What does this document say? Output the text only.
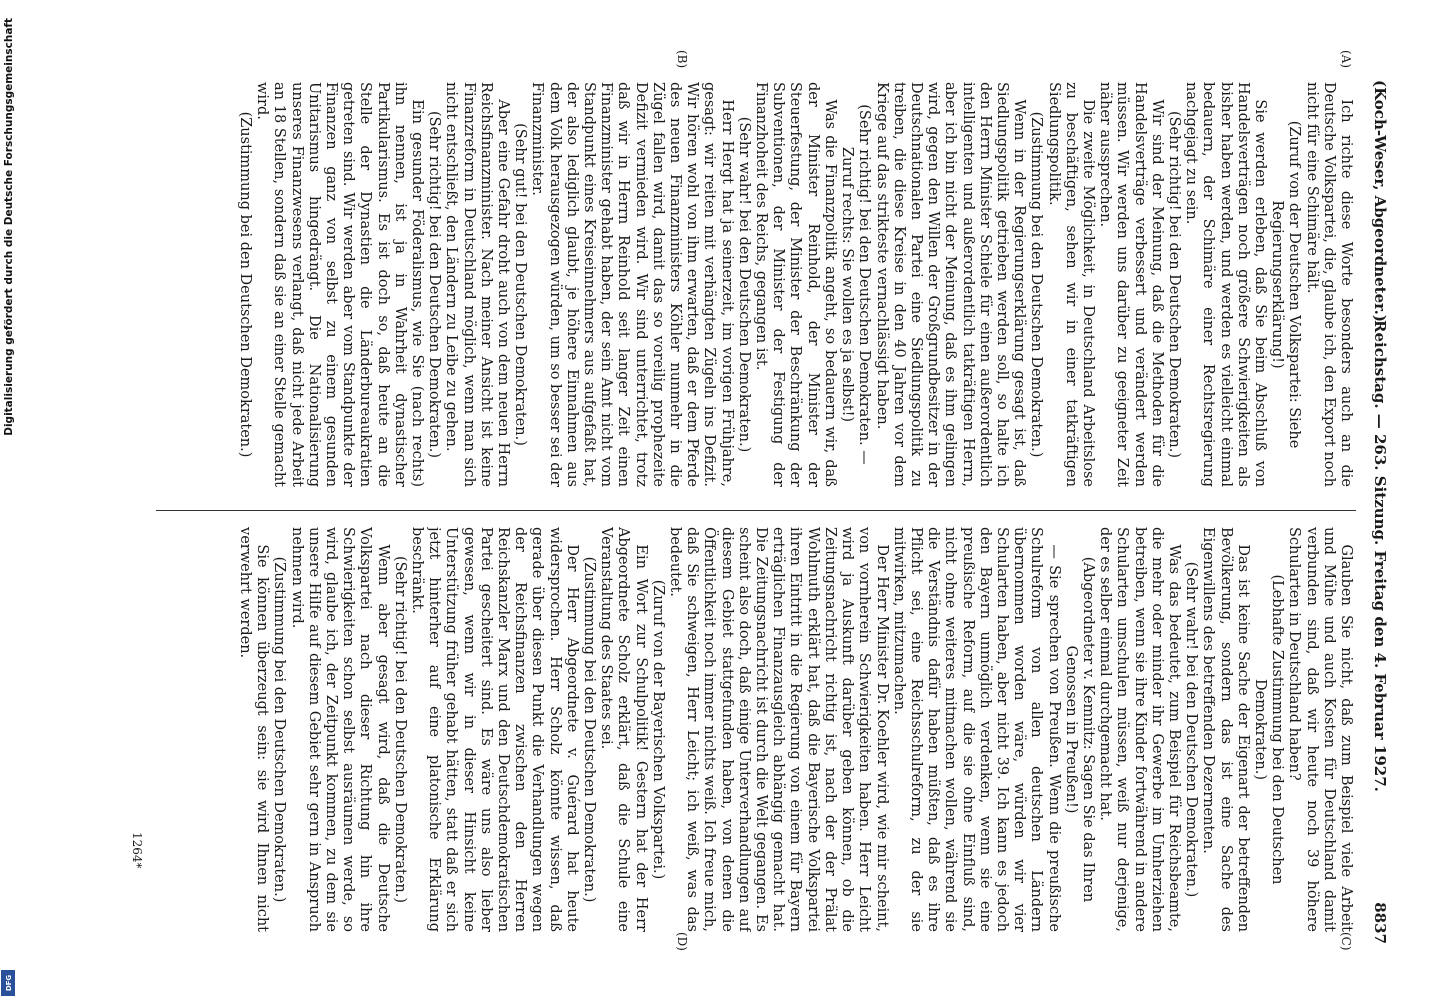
(Koch-Weser, Abgeordneter.)
Reichstag. — 263. Sitzung. Freitag den 4. Februar 1927.
8837

Ich richte diese Worte besonders auch an die Deutsche Volkspartei, die, glaube ich, den Export noch nicht für eine Schimäre hält.

(Zuruf von der Deutschen Volkspartei: Siehe Regierungserklärung!)

Sie werden erleben, daß Sie beim Abschluß von Handelsverträgen noch größere Schwierigkeiten als bisher haben werden, und werden es vielleicht einmal bedauern, der Schimäre einer Rechtsregierung nachgejagt zu sein.

(Sehr richtig! bei den Deutschen Demokraten.)

Wir sind der Meinung, daß die Methoden für die Handelsverträge verbessert und verändert werden müssen. Wir werden uns darüber zu geeigneter Zeit näher aussprechen.

Die zweite Möglichkeit, in Deutschland Arbeitslose zu beschäftigen, sehen wir in einer tatkräftigen Siedlungspolitik.

(Zustimmung bei den Deutschen Demokraten.)

Wenn in der Regierungserklärung gesagt ist, daß Siedlungspolitik getrieben werden soll, so halte ich den Herrn Minister Schiele für einen außerordentlich intelligenten und außerordentlich tatkräftigen Herrn, aber ich bin nicht der Meinung, daß es ihm gelingen wird, gegen den Willen der Großgrundbesitzer in der Deutschnationalen Partei eine Siedlungspolitik zu treiben, die diese Kreise in den 40 Jahren vor dem Kriege auf das strikteste vernachlässigt haben.

(Sehr richtig! bei den Deutschen Demokraten. — Zuruf rechts: Sie wollen es ja selbst!)

Was die Finanzpolitik angeht, so bedauern wir, daß der Minister Reinhold, der Minister der Steuerfestung, der Minister der Beschränkung der Subventionen, der Minister der Festigung der Finanzhoheit des Reichs, gegangen ist.

(Sehr wahr! bei den Deutschen Demokraten.)

Herr Hergt hat ja seinerzeit, im vorigen Frühjahre, gesagt: wir reiten mit verhängten Zügeln ins Defizit. Wir hören wohl von ihm erwarten, daß er dem Pferde des neuen Finanzministers Köhler nunmehr in die Zügel fallen wird, damit das so voreilig prophezeite Defizit vermieden wird. Wir sind unterrichtet, trotz daß wir in Herrn Reinhold seit langer Zeit einen Finanzminister gehabt haben, der sein Amt nicht vom Standpunkt eines Kreiseinnehmers aus aufgefaßt hat, der also lediglich glaubt, je höhere Einnahmen aus dem Volk herausgezogen würden, um so besser sei der Finanzminister.

(Sehr gut! bei den Deutschen Demokraten.)

Aber eine Gefahr droht auch von dem neuen Herrn Reichsfinanzminister. Nach meiner Ansicht ist keine Finanzreform in Deutschland möglich, wenn man sich nicht entschließt, den Ländern zu Leibe zu gehen.

(Sehr richtig! bei den Deutschen Demokraten.)

Ein gesunder Föderalismus, wie Sie (nach rechts) ihn nennen, ist ja in Wahrheit dynastischer Partikularismus. Es ist doch so, daß heute an die Stelle der Dynastien die Länderbureaukratien getreten sind. Wir werden aber vom Standpunkte der Finanzen ganz von selbst zu einem gesunden Unitarismus hingedrängt. Die Nationalisierung unseres Finanzwesens verlangt, daß nicht jede Arbeit an 18 Stellen, sondern daß sie an einer Stelle gemacht wird.

(Zustimmung bei den Deutschen Demokraten.)

Glauben Sie nicht, daß zum Beispiel viele Arbeit und Mühe und auch Kosten für Deutschland damit verbunden sind, daß wir heute noch 39 höhere Schularten in Deutschland haben?

(Lebhafte Zustimmung bei den Deutschen Demokraten.)

Das ist keine Sache der Eigenart der betreffenden Bevölkerung, sondern das ist eine Sache des Eigenwillens des betreffenden Dezernenten.

(Sehr wahr! bei den Deutschen Demokraten.)

Was das bedeutet, zum Beispiel für Reichsbeamte, die mehr oder minder ihr Gewerbe im Umherziehen betreiben, wenn sie ihre Kinder fortwährend in andere Schularten umschulen müssen, weiß nur derjenige, der es selber einmal durchgemacht hat.

(Abgeordneter v. Kemnitz: Sagen Sie das Ihren Genossen in Preußen!)

— Sie sprechen von Preußen. Wenn die preußische Schulreform von allen deutschen Ländern übernommen worden wäre, würden wir vier Schularten haben, aber nicht 39. Ich kann es jedoch den Bayern unmöglich verdenken, wenn sie eine preußische Reform, auf die sie ohne Einfluß sind, nicht ohne weiteres mitmachen wollen, während sie die Verständnis dafür haben müßten, daß es ihre Pflicht sei, eine Reichsschulreform, zu der sie mitwirken, mitzumachen.

Der Herr Minister Dr. Koehler wird, wie mir scheint, von vornherein Schwierigkeiten haben. Herr Leicht wird ja Auskunft darüber geben können, ob die Zeitungsnachricht richtig ist, nach der der Prälat Wohlmuth erklärt hat, daß die Bayerische Volkspartei ihren Eintritt in die Regierung von einem für Bayern erträglichen Finanzausgleich abhängig gemacht hat. Die Zeitungsnachricht ist durch die Welt gegangen. Es scheint also doch, daß einige Unterverhandlungen auf diesem Gebiet stattgefunden haben, von denen die Öffentlichkeit noch immer nichts weiß. Ich freue mich, daß Sie schweigen, Herr Leicht; ich weiß, was das bedeutet.

(Zuruf von der Bayerischen Volkspartei.)

Ein Wort zur Schulpolitik! Gestern hat der Herr Abgeordnete Scholz erklärt, daß die Schule eine Veranstaltung des Staates sei.

(Zustimmung bei den Deutschen Demokraten.)

Der Herr Abgeordnete v. Guérard hat heute widersprochen. Herr Scholz könnte wissen, daß gerade über diesen Punkt die Verhandlungen wegen der Reichsfinanzen zwischen den Herren Reichskanzler Marx und den Deutschdemokratischen Partei gescheitert sind. Es wäre uns also lieber gewesen, wenn wir in dieser Hinsicht keine Unterstützung früher gehabt hätten, statt daß er sich jetzt hinterher auf eine platonische Erklärung beschränkt.

(Sehr richtig! bei den Deutschen Demokraten.)

Wenn aber gesagt wird, daß die Deutsche Volkspartei nach dieser Richtung hin ihre Schwierigkeiten schon selbst ausräumen werde, so wird, glaube ich, der Zeitpunkt kommen, zu dem sie unsere Hilfe auf diesem Gebiet sehr gern in Anspruch nehmen wird.

(Zustimmung bei den Deutschen Demokraten.)

Sie können überzeugt sein: sie wird Ihnen nicht verwehrt werden.

(A)
(B)
(C)
(D)
1264*
Digitalisierung gefördert durch die Deutsche Forschungsgemeinschaft
DFG
